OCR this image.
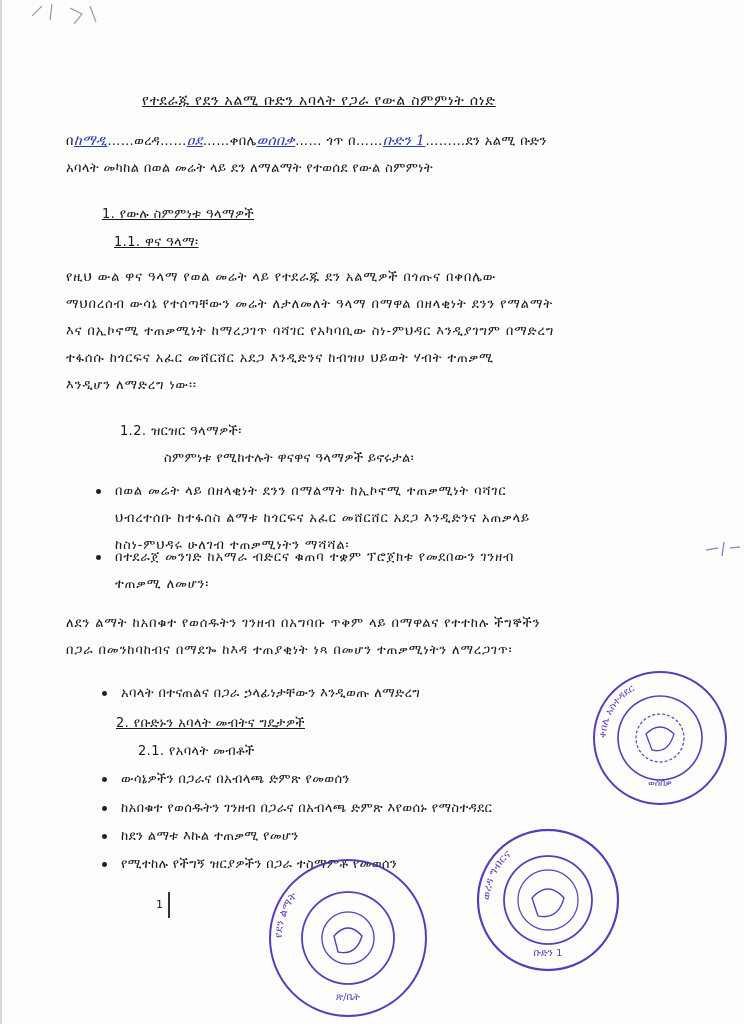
የተደራጁ የደን አልሚ ቡድን አባላት የጋራ የውል ስምምነት ሰነድ
በከማዲ……ወረዳ……ዐደ……ቀበሌወሰበቃ…… ጎጥ በ……ቡድን 1………ደን አልሚ ቡድን
አባላት መካከል በወል መሬት ላይ ደን ለማልማት የተወሰደ የውል ስምምነት
1. የውሉ ስምምነቱ ዓላማዎች
1.1. ዋና ዓላማ፡
የዚህ ውል ዋና ዓላማ የወል መሬት ላይ የተደራጁ ደን አልሚዎች በጎጡና በቀበሌው
ማህበረሰብ ውሳኔ የተሰጣቸውን መሬት ለታለመለት ዓላማ በማዋል በዘላቂነት ደንን የማልማት
እና በኢኮኖሚ ተጠቃሚነት ከማረጋገጥ ባሻገር የአካባቢው ስነ-ምህዳር እንዲያገግም በማድረግ
ተፋሰሱ ከጎርፍና አፈር መሸርሸር አደጋ እንዲድንና ከብዝሀ ህይወት ሃብት ተጠቃሚ
እንዲሆን ለማድረግ ነው፡፡
1.2. ዝርዝር ዓላማዎች፡
ስምምነቱ የሚከተሉት ዋናዋና ዓላማዎች ይኖሩታል፡
በወል መሬት ላይ በዘላቂነት ደንን በማልማት ከኢኮኖሚ ተጠቃሚነት ባሻገር
ህብረተሰቡ ከተፋሰስ ልማቱ ከጎርፍና አፈር መሸርሸር አደጋ እንዲድንና አጠቃላይ
ከስነ-ምህዳሩ ሁለገብ ተጠቃሚነትን ማሻሻል፡
በተደራጀ መንገድ ከአማራ ብድርና ቁጠባ ተቋም ፕሮጀክቱ የመደበውን ገንዘብ
ተጠቃሚ ለመሆን፡
ለደን ልማት ከአበቁተ የወሰዱትን ገንዘብ በአግባቡ ጥቅም ላይ በማዋልና የተተከሉ ችግኞችን
በጋራ በመንከባከብና በማደጐ ከእዳ ተጠያቂነት ነጻ በመሆን ተጠቃሚነትን ለማረጋገጥ፡
አባላት በተናጠልና በጋራ ኃላፊነታቸውን እንዲወጡ ለማድረግ
2. የቡድኑን አባላት መብትና ግዴታዎች
2.1. የአባላት መብቶች
ውሳኔዎችን በጋራና በአብላጫ ድምጽ የመወሰን
ከአበቁተ የወሰዱትን ገንዘብ በጋራና በአብላጫ ድምጽ እየወሰኑ የማስተዳደር
ከደን ልማቱ እኩል ተጠቃሚ የመሆን
የሚተከሉ የችግኝ ዝርያዎችን በጋራ ተስማምቶ የመወሰን
1
ቀበሌ አስተዳደር
ወሰበቃ
ወረዳ ግብርና
ቡድን 1
የደን ልማት
ጽ/ቤት
